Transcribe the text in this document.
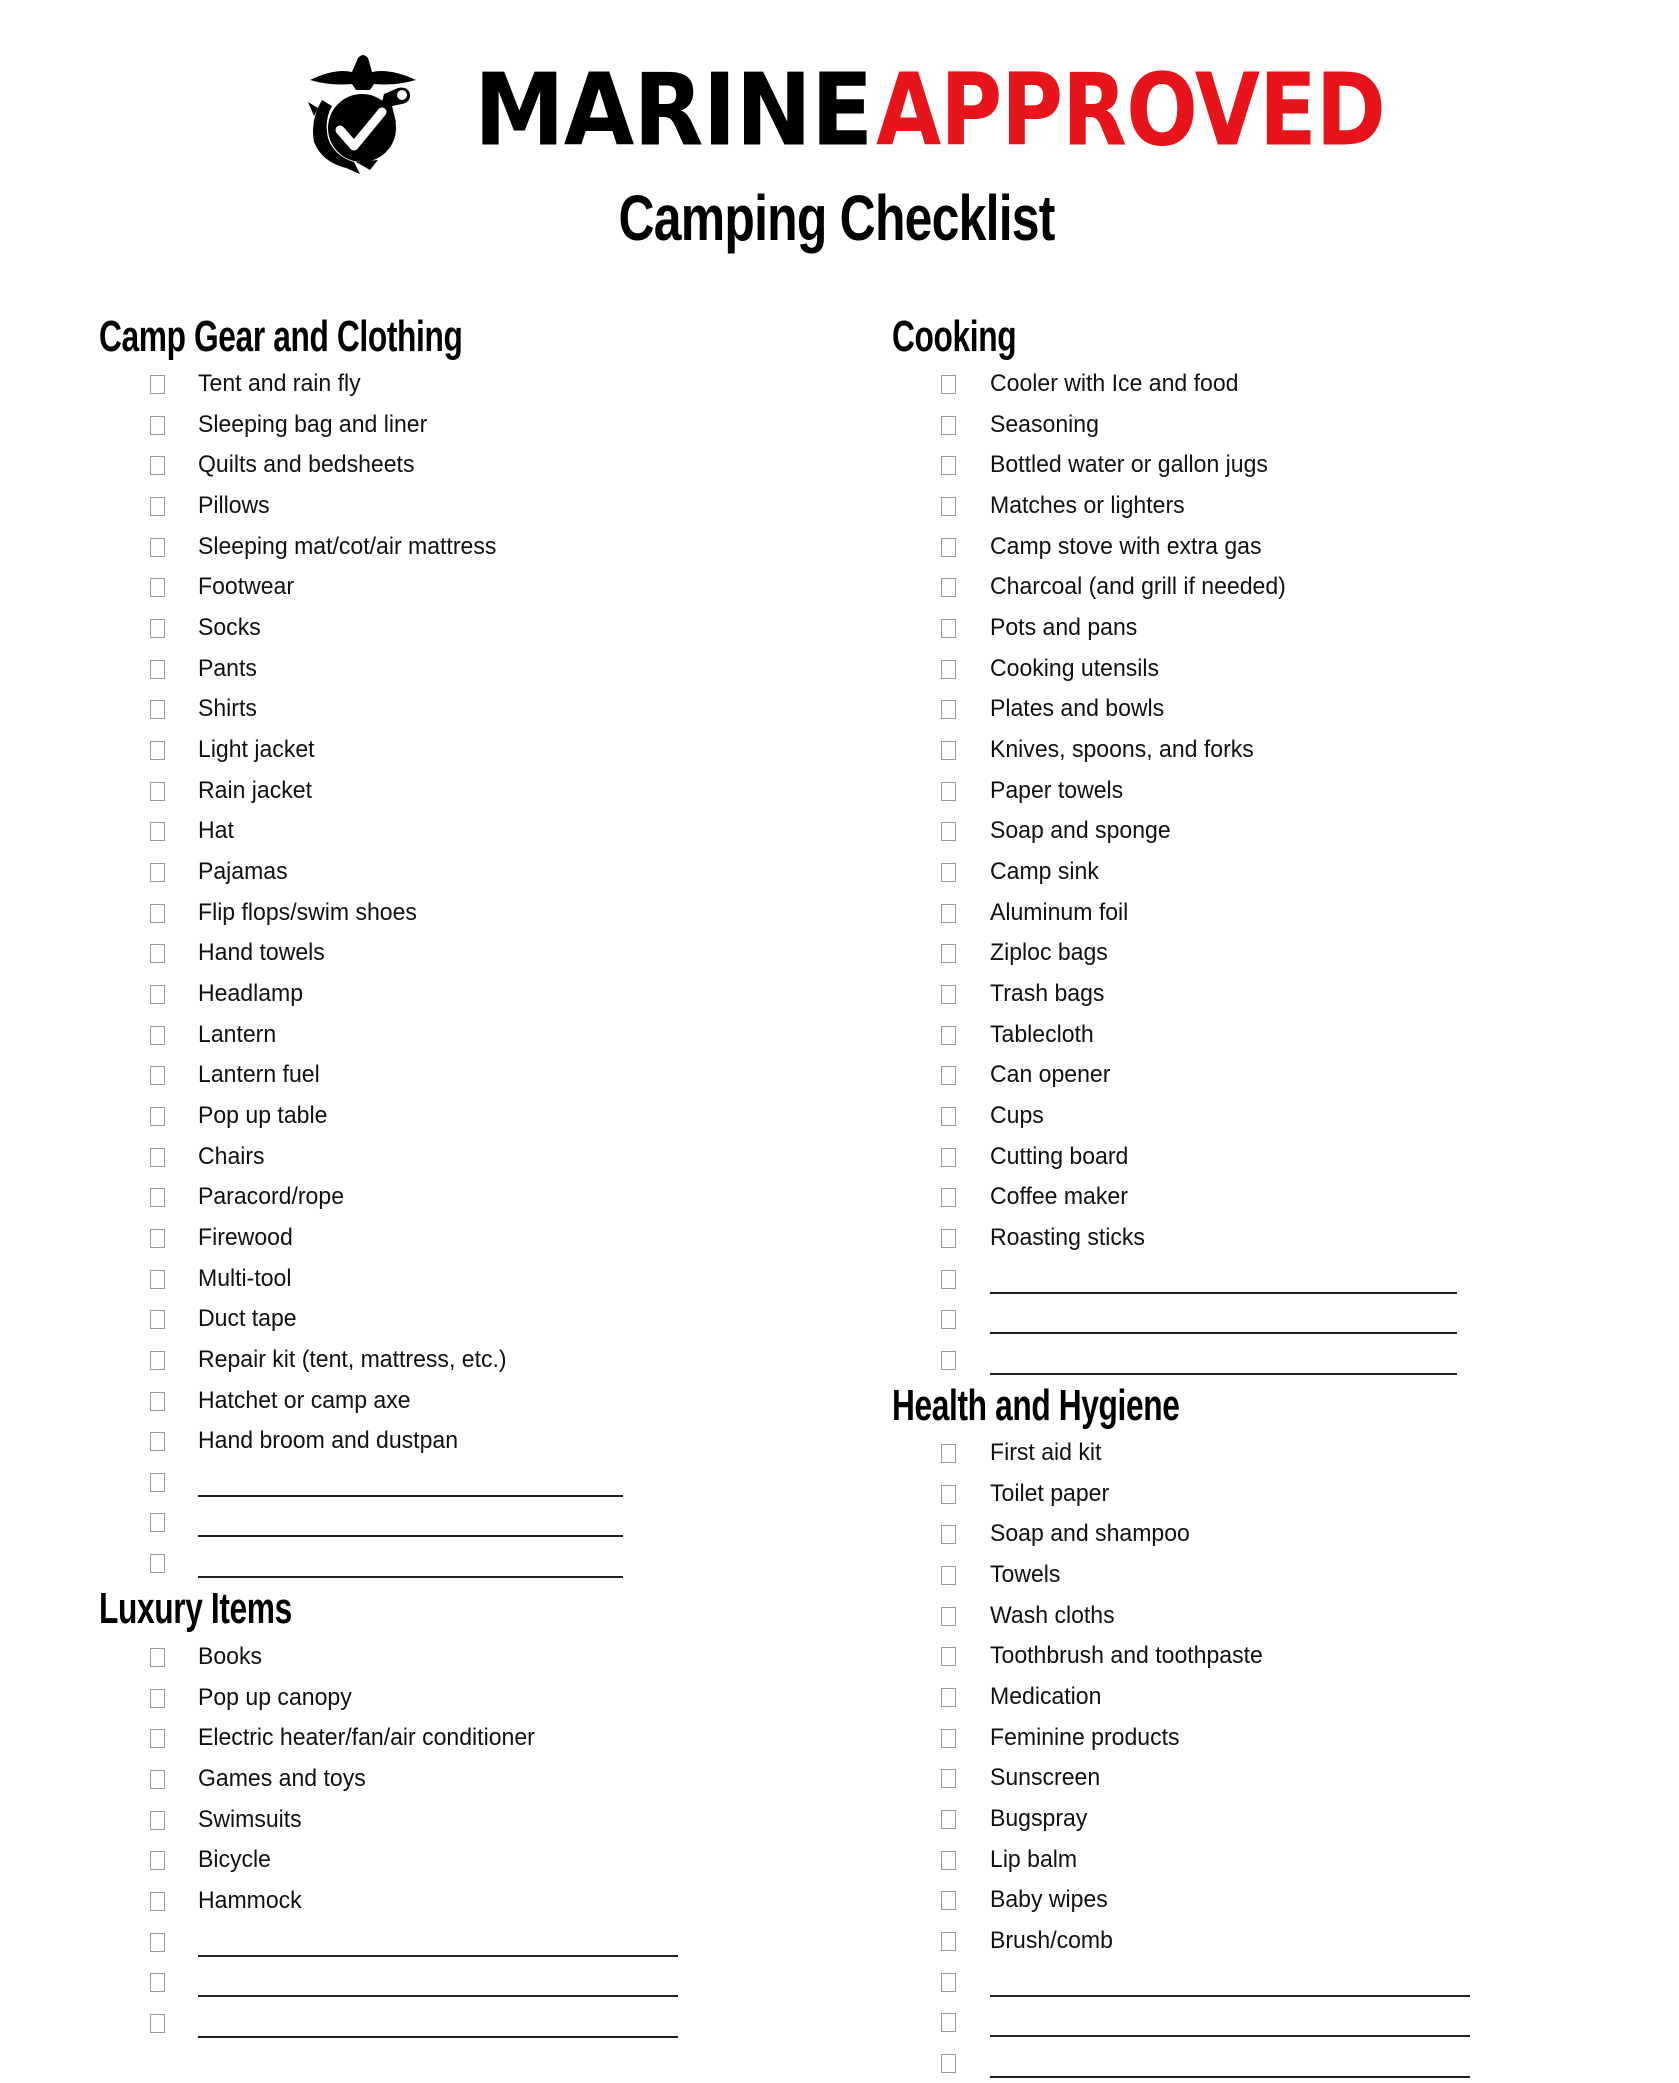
MARINE APPROVED
Camping Checklist
Camp Gear and Clothing
Tent and rain fly
Sleeping bag and liner
Quilts and bedsheets
Pillows
Sleeping mat/cot/air mattress
Footwear
Socks
Pants
Shirts
Light jacket
Rain jacket
Hat
Pajamas
Flip flops/swim shoes
Hand towels
Headlamp
Lantern
Lantern fuel
Pop up table
Chairs
Paracord/rope
Firewood
Multi-tool
Duct tape
Repair kit (tent, mattress, etc.)
Hatchet or camp axe
Hand broom and dustpan
Luxury Items
Books
Pop up canopy
Electric heater/fan/air conditioner
Games and toys
Swimsuits
Bicycle
Hammock
Cooking
Cooler with Ice and food
Seasoning
Bottled water or gallon jugs
Matches or lighters
Camp stove with extra gas
Charcoal (and grill if needed)
Pots and pans
Cooking utensils
Plates and bowls
Knives, spoons, and forks
Paper towels
Soap and sponge
Camp sink
Aluminum foil
Ziploc bags
Trash bags
Tablecloth
Can opener
Cups
Cutting board
Coffee maker
Roasting sticks
Health and Hygiene
First aid kit
Toilet paper
Soap and shampoo
Towels
Wash cloths
Toothbrush and toothpaste
Medication
Feminine products
Sunscreen
Bugspray
Lip balm
Baby wipes
Brush/comb
